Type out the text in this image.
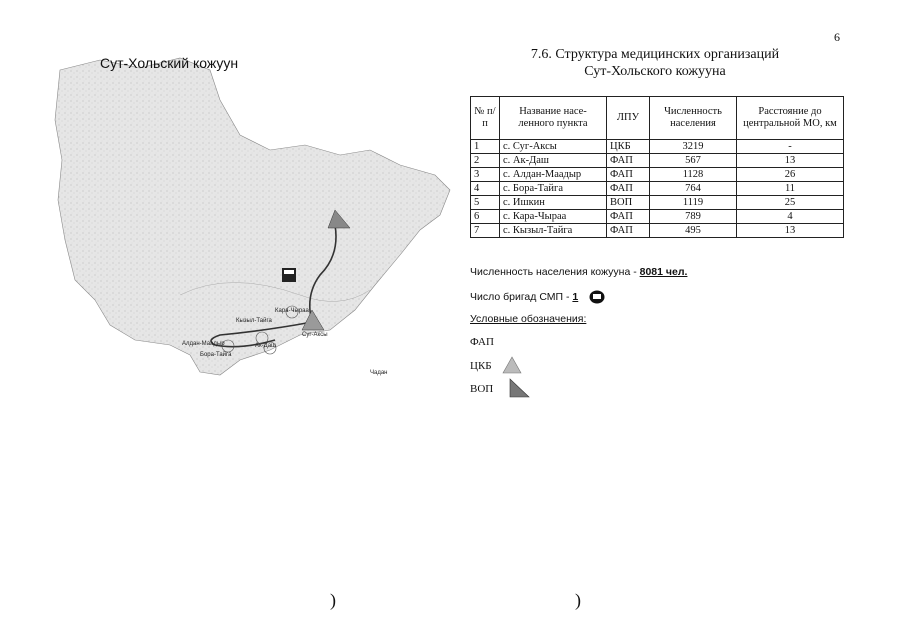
6
Кара-Чыраа
Кызыл-Тайга
Алдан-Маадыр	Ак-Даш
Бора-Тайга
Суг-Аксы
Чадан
Сут-Хольский кожуун
7.6. Структура медицинских организаций
Сут-Хольского кожууна
№ п/п	Название насе-ленного пункта	ЛПУ	Численность населения	Расстояние до центральной МО, км
1	с. Суг-Аксы	ЦКБ	3219	-
2	с. Ак-Даш	ФАП	567	13
3	с. Алдан-Маадыр	ФАП	1128	26
4	с. Бора-Тайга	ФАП	764	11
5	с. Ишкин	ВОП	1119	25
6	с. Кара-Чыраа	ФАП	789	4
7	с. Кызыл-Тайга	ФАП	495	13
Численность населения кожууна - 8081 чел.
Число бригад СМП - 1
Условные обозначения:
ФАП
ЦКБ
ВОП
)	)
